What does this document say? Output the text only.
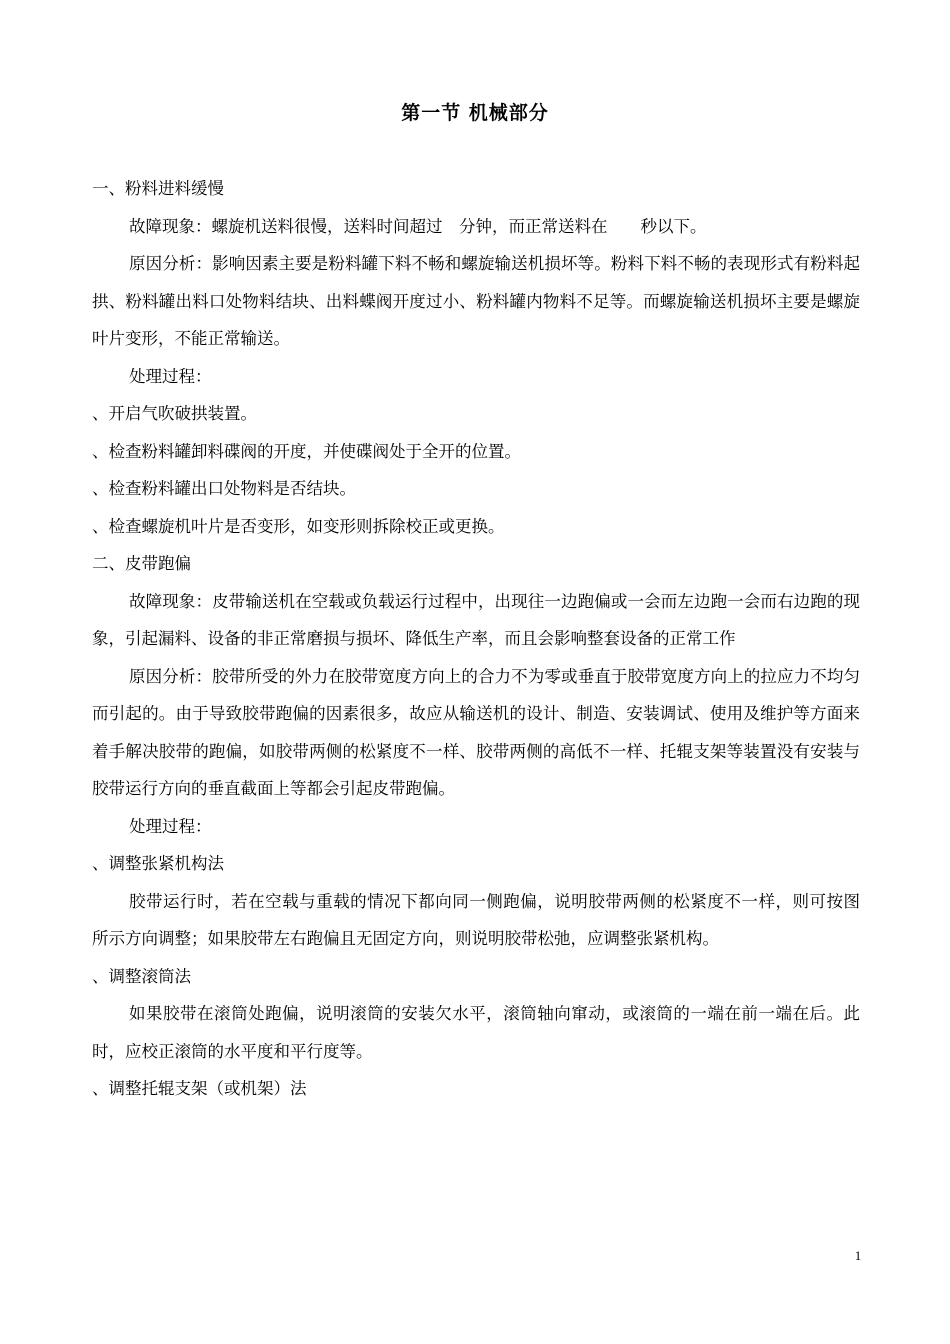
第一节 机械部分

一、粉料进料缓慢

故障现象：螺旋机送料很慢，送料时间超过　分钟，而正常送料在　　秒以下。

原因分析：影响因素主要是粉料罐下料不畅和螺旋输送机损坏等。粉料下料不畅的表现形式有粉料起拱、粉料罐出料口处物料结块、出料蝶阀开度过小、粉料罐内物料不足等。而螺旋输送机损坏主要是螺旋叶片变形，不能正常输送。

处理过程：

、开启气吹破拱装置。

、检查粉料罐卸料碟阀的开度，并使碟阀处于全开的位置。

、检查粉料罐出口处物料是否结块。

、检查螺旋机叶片是否变形，如变形则拆除校正或更换。

二、皮带跑偏

故障现象：皮带输送机在空载或负载运行过程中，出现往一边跑偏或一会而左边跑一会而右边跑的现象，引起漏料、设备的非正常磨损与损坏、降低生产率，而且会影响整套设备的正常工作

原因分析：胶带所受的外力在胶带宽度方向上的合力不为零或垂直于胶带宽度方向上的拉应力不均匀而引起的。由于导致胶带跑偏的因素很多，故应从输送机的设计、制造、安装调试、使用及维护等方面来着手解决胶带的跑偏，如胶带两侧的松紧度不一样、胶带两侧的高低不一样、托辊支架等装置没有安装与胶带运行方向的垂直截面上等都会引起皮带跑偏。

处理过程：

、调整张紧机构法

胶带运行时，若在空载与重载的情况下都向同一侧跑偏，说明胶带两侧的松紧度不一样，则可按图　所示方向调整；如果胶带左右跑偏且无固定方向，则说明胶带松弛，应调整张紧机构。

、调整滚筒法

如果胶带在滚筒处跑偏，说明滚筒的安装欠水平，滚筒轴向窜动，或滚筒的一端在前一端在后。此时，应校正滚筒的水平度和平行度等。

、调整托辊支架（或机架）法

1
